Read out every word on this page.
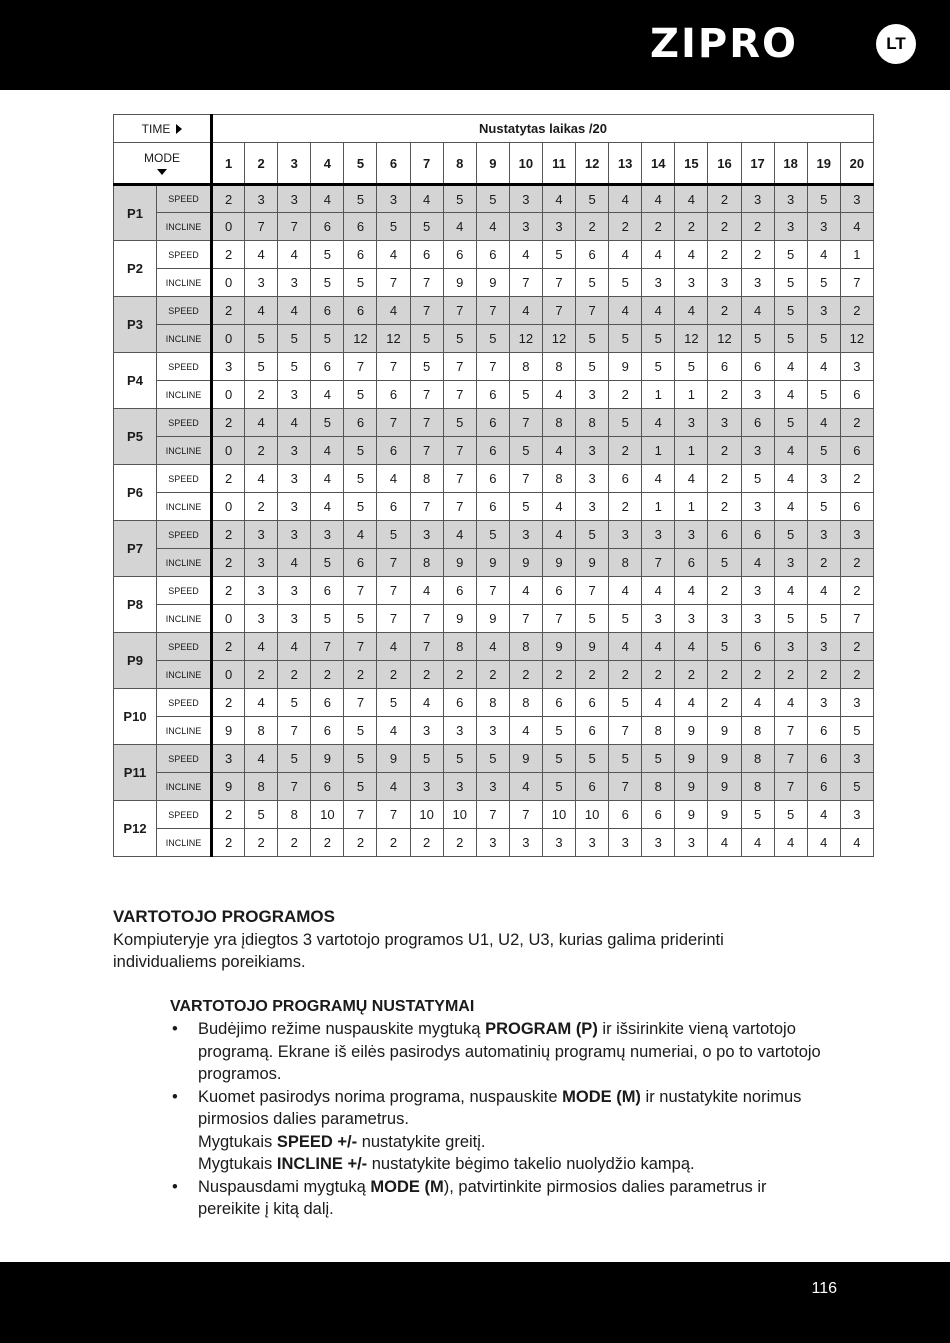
ZIPRO	LT
TIME		Nustatytas laikas /20																			
MODE		1	2	3	4	5	6	7	8	9	10	11	12	13	14	15	16	17	18	19	20
P1	SPEED	2	3	3	4	5	3	4	5	5	3	4	5	4	4	4	2	3	3	5	3
	INCLINE	0	7	7	6	6	5	5	4	4	3	3	2	2	2	2	2	2	3	3	4
P2	SPEED	2	4	4	5	6	4	6	6	6	4	5	6	4	4	4	2	2	5	4	1
	INCLINE	0	3	3	5	5	7	7	9	9	7	7	5	5	3	3	3	3	5	5	7
P3	SPEED	2	4	4	6	6	4	7	7	7	4	7	7	4	4	4	2	4	5	3	2
	INCLINE	0	5	5	5	12	12	5	5	5	12	12	5	5	5	12	12	5	5	5	12
P4	SPEED	3	5	5	6	7	7	5	7	7	8	8	5	9	5	5	6	6	4	4	3
	INCLINE	0	2	3	4	5	6	7	7	6	5	4	3	2	1	1	2	3	4	5	6
P5	SPEED	2	4	4	5	6	7	7	5	6	7	8	8	5	4	3	3	6	5	4	2
	INCLINE	0	2	3	4	5	6	7	7	6	5	4	3	2	1	1	2	3	4	5	6
P6	SPEED	2	4	3	4	5	4	8	7	6	7	8	3	6	4	4	2	5	4	3	2
	INCLINE	0	2	3	4	5	6	7	7	6	5	4	3	2	1	1	2	3	4	5	6
P7	SPEED	2	3	3	3	4	5	3	4	5	3	4	5	3	3	3	6	6	5	3	3
	INCLINE	2	3	4	5	6	7	8	9	9	9	9	9	8	7	6	5	4	3	2	2
P8	SPEED	2	3	3	6	7	7	4	6	7	4	6	7	4	4	4	2	3	4	4	2
	INCLINE	0	3	3	5	5	7	7	9	9	7	7	5	5	3	3	3	3	5	5	7
P9	SPEED	2	4	4	7	7	4	7	8	4	8	9	9	4	4	4	5	6	3	3	2
	INCLINE	0	2	2	2	2	2	2	2	2	2	2	2	2	2	2	2	2	2	2	2
P10	SPEED	2	4	5	6	7	5	4	6	8	8	6	6	5	4	4	2	4	4	3	3
	INCLINE	9	8	7	6	5	4	3	3	3	4	5	6	7	8	9	9	8	7	6	5
P11	SPEED	3	4	5	9	5	9	5	5	5	9	5	5	5	5	9	9	8	7	6	3
	INCLINE	9	8	7	6	5	4	3	3	3	4	5	6	7	8	9	9	8	7	6	5
P12	SPEED	2	5	8	10	7	7	10	10	7	7	10	10	6	6	9	9	5	5	4	3
	INCLINE	2	2	2	2	2	2	2	2	3	3	3	3	3	3	3	4	4	4	4	4
VARTOTOJO PROGRAMOS

Kompiuteryje yra įdiegtos 3 vartotojo programos U1, U2, U3, kurias galima priderinti
individualiems poreikiams.

VARTOTOJO PROGRAMŲ NUSTATYMAI
• Budėjimo režime nuspauskite mygtuką PROGRAM (P) ir išsirinkite vieną vartotojo
programą. Ekrane iš eilės pasirodys automatinių programų numeriai, o po to vartotojo
programos.
• Kuomet pasirodys norima programa, nuspauskite MODE (M) ir nustatykite norimus
pirmosios dalies parametrus.
Mygtukais SPEED +/- nustatykite greitį.
Mygtukais INCLINE +/- nustatykite bėgimo takelio nuolydžio kampą.
• Nuspausdami mygtuką MODE (M), patvirtinkite pirmosios dalies parametrus ir
pereikite į kitą dalį.
116
